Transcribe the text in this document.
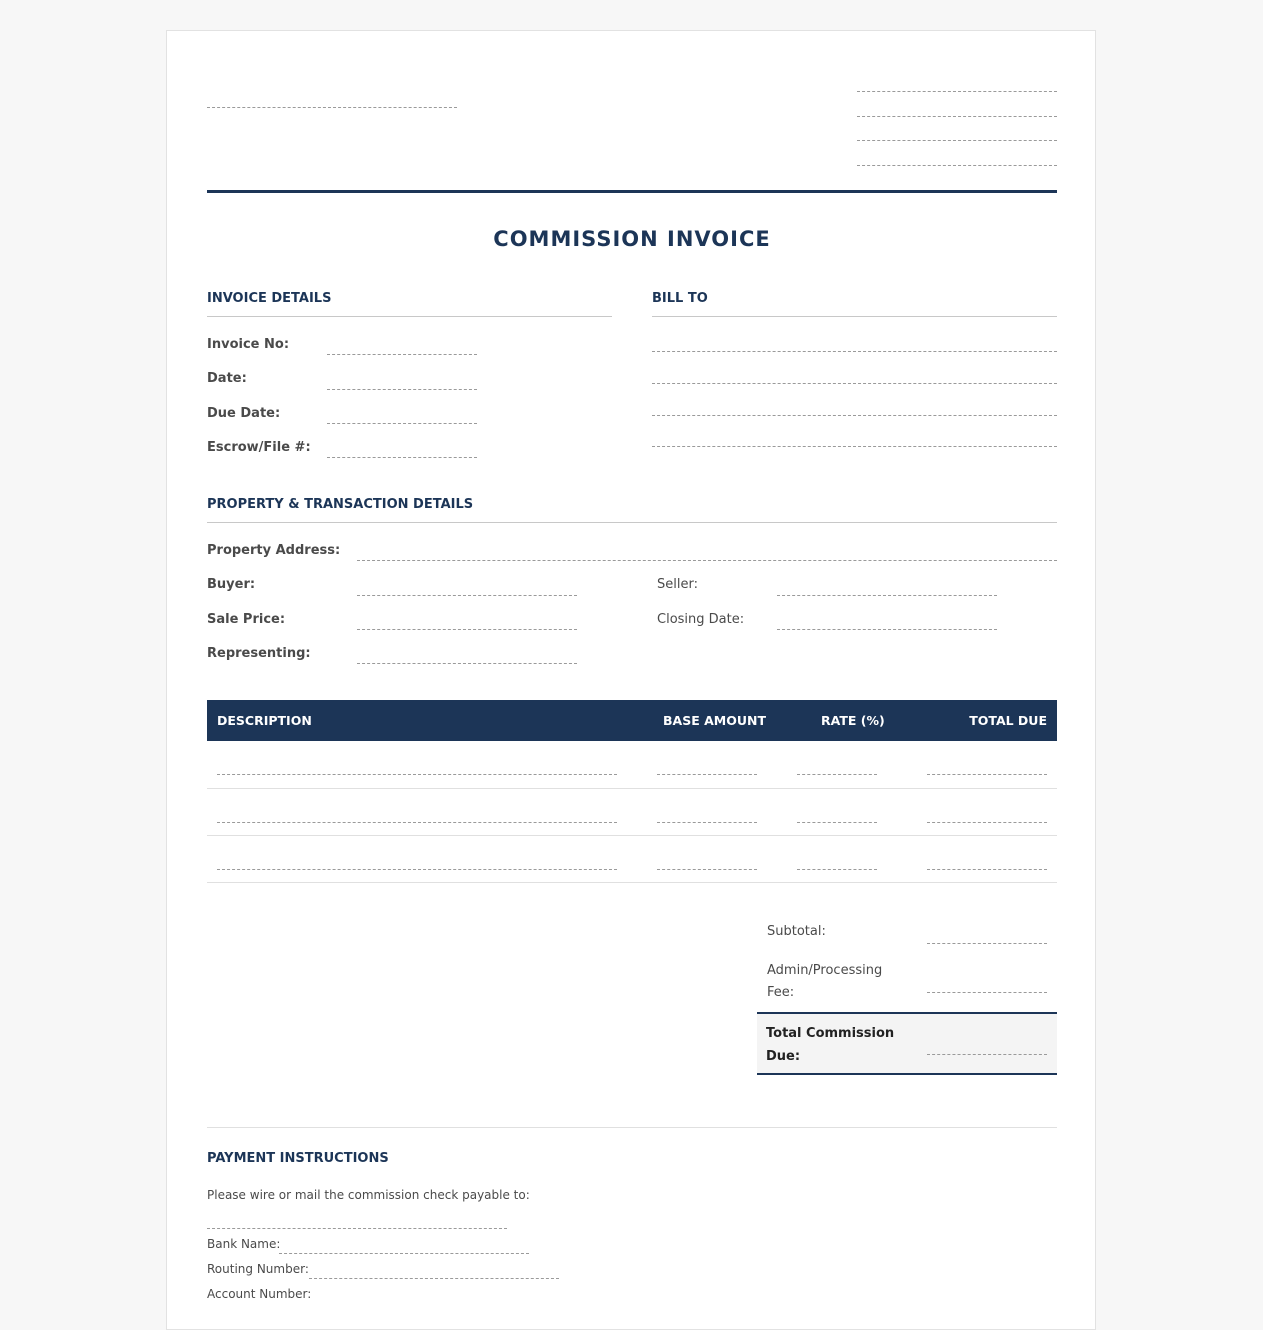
COMMISSION INVOICE
INVOICE DETAILS
Invoice No:
Date:
Due Date:
Escrow/File #:
BILL TO
PROPERTY & TRANSACTION DETAILS
Property Address:
Buyer:	Seller:
Sale Price:	Closing Date:
Representing:
DESCRIPTION	BASE AMOUNT	RATE (%)	TOTAL DUE
Subtotal:
Admin/Processing Fee:
Total Commission Due:
PAYMENT INSTRUCTIONS
Please wire or mail the commission check payable to:
Bank Name:
Routing Number:
Account Number:
